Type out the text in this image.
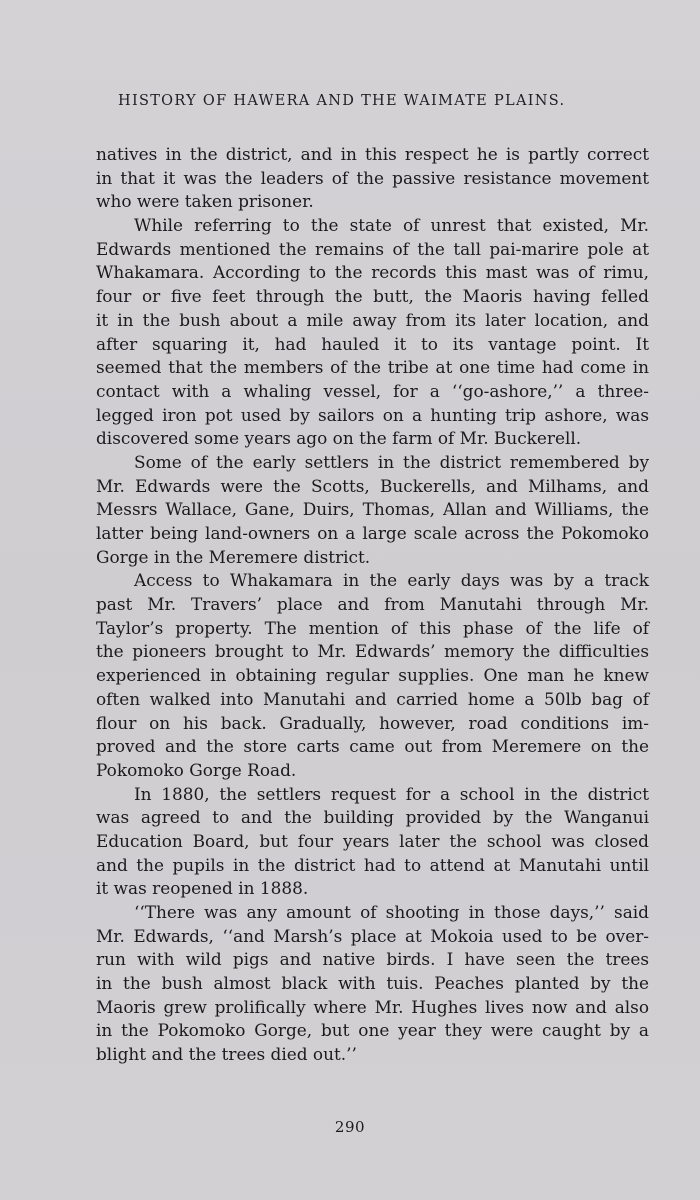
HISTORY OF HAWERA AND THE WAIMATE PLAINS.
natives in the district, and in this respect he is partly correct
in that it was the leaders of the passive resistance movement
who were taken prisoner.
While referring to the state of unrest that existed, Mr.
Edwards mentioned the remains of the tall pai-marire pole at
Whakamara. According to the records this mast was of rimu,
four or five feet through the butt, the Maoris having felled
it in the bush about a mile away from its later location, and
after squaring it, had hauled it to its vantage point. It
seemed that the members of the tribe at one time had come in
contact with a whaling vessel, for a ‘‘go-ashore,’’ a three-
legged iron pot used by sailors on a hunting trip ashore, was
discovered some years ago on the farm of Mr. Buckerell.
Some of the early settlers in the district remembered by
Mr. Edwards were the Scotts, Buckerells, and Milhams, and
Messrs Wallace, Gane, Duirs, Thomas, Allan and Williams, the
latter being land-owners on a large scale across the Pokomoko
Gorge in the Meremere district.
Access to Whakamara in the early days was by a track
past Mr. Travers’ place and from Manutahi through Mr.
Taylor’s property. The mention of this phase of the life of
the pioneers brought to Mr. Edwards’ memory the difficulties
experienced in obtaining regular supplies. One man he knew
often walked into Manutahi and carried home a 50lb bag of
flour on his back. Gradually, however, road conditions im-
proved and the store carts came out from Meremere on the
Pokomoko Gorge Road.
In 1880, the settlers request for a school in the district
was agreed to and the building provided by the Wanganui
Education Board, but four years later the school was closed
and the pupils in the district had to attend at Manutahi until
it was reopened in 1888.
‘‘There was any amount of shooting in those days,’’ said
Mr. Edwards, ‘‘and Marsh’s place at Mokoia used to be over-
run with wild pigs and native birds. I have seen the trees
in the bush almost black with tuis. Peaches planted by the
Maoris grew prolifically where Mr. Hughes lives now and also
in the Pokomoko Gorge, but one year they were caught by a
blight and the trees died out.’’
290
